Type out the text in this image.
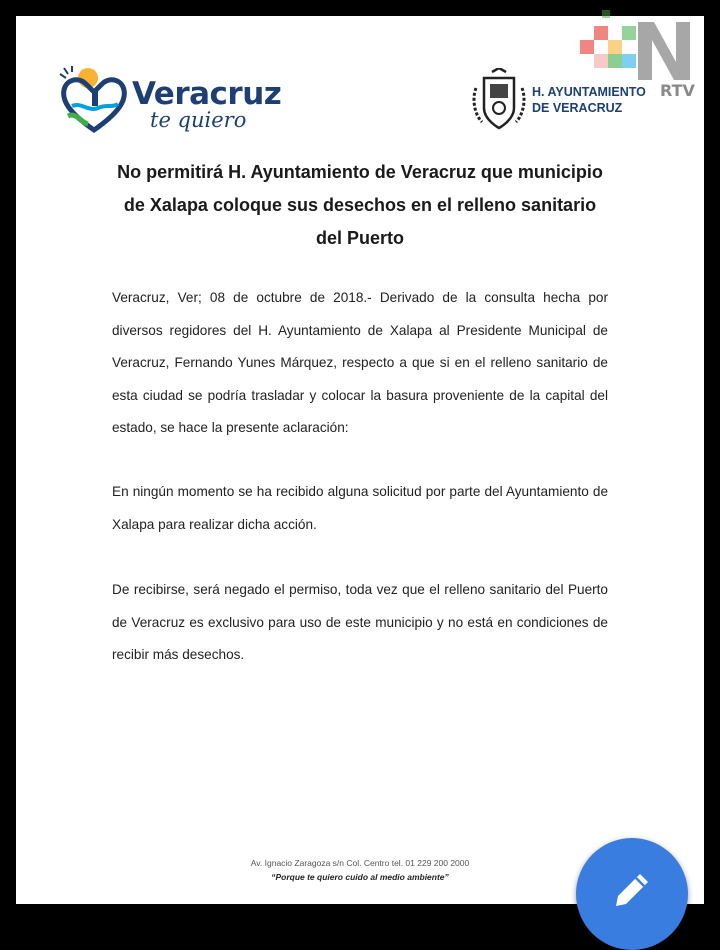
Veracruz
te quiero
H. AYUNTAMIENTO
DE VERACRUZ
No permitirá H. Ayuntamiento de Veracruz que municipio
de Xalapa coloque sus desechos en el relleno sanitario
del Puerto
Veracruz, Ver; 08 de octubre de 2018.- Derivado de la consulta hecha por diversos regidores del H. Ayuntamiento de Xalapa al Presidente Municipal de Veracruz, Fernando Yunes Márquez, respecto a que si en el relleno sanitario de esta ciudad se podría trasladar y colocar la basura proveniente de la capital del estado, se hace la presente aclaración:
En ningún momento se ha recibido alguna solicitud por parte del Ayuntamiento de Xalapa para realizar dicha acción.
De recibirse, será negado el permiso, toda vez que el relleno sanitario del Puerto de Veracruz es exclusivo para uso de este municipio y no está en condiciones de recibir más desechos.
Av. Ignacio Zaragoza s/n Col. Centro tel. 01 229 200 2000
“Porque te quiero cuido al medio ambiente”
RTV
